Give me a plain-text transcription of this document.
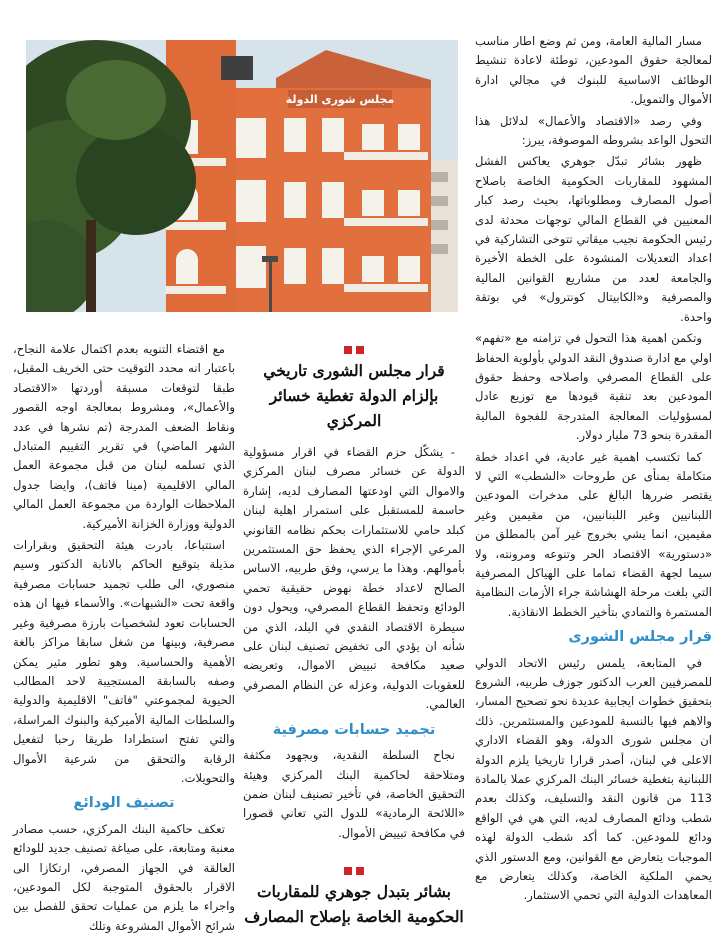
مجلس شورى الدولة

مسار المالية العامة، ومن ثم وضع اطار مناسب لمعالجة حقوق المودعين، توطئة لاعادة تنشيط الوظائف الاساسية للبنوك في مجالي ادارة الأموال والتمويل.

وفي رصد «الاقتصاد والأعمال» لدلائل هذا التحول الواعد بشروطه الموصوفة، يبرز:

ظهور بشائر تبدّل جوهري يعاكس الفشل المشهود للمقاربات الحكومية الخاصة باصلاح أصول المصارف ومطلوباتها، بحيث رصد كبار المعنيين في القطاع المالي توجهات محدثة لدى رئيس الحكومة نجيب ميقاتي تتوخى التشاركية في اعداد التعديلات المنشودة على الخطة الأخيرة والجامعة لعدد من مشاريع القوانين المالية والمصرفية و«الكابيتال كونترول» في بوتقة واحدة.

وتكمن اهمية هذا التحول في تزامنه مع «تفهم» اولي مع ادارة صندوق النقد الدولي بأولوية الحفاظ على القطاع المصرفي واصلاحه وحفظ حقوق المودعين بعد تنقية قيودها مع توزيع عادل لمسؤوليات المعالجة المتدرجة للفجوة المالية المقدرة بنحو 73 مليار دولار.

كما تكتسب اهمية غير عادية، في اعداد خطة متكاملة بمنأى عن طروحات «الشطب» التي لا يقتصر ضررها البالغ على مدخرات المودعين اللبنانيين وغير اللبنانيين، من مقيمين وغير مقيمين، انما يشي بخروج غير آمن بالمطلق من «دستورية» الاقتصاد الحر وتنوعه ومرونته، ولا سيما لجهة القضاء تماما على الهياكل المصرفية التي بلغت مرحلة الهشاشة جراء الأزمات النظامية المستمرة والتمادي بتأخير الخطط الانقاذية.

قرار مجلس الشورى

في المتابعة، يلمس رئيس الاتحاد الدولي للمصرفيين العرب الدكتور جوزف طربيه، الشروع بتحقيق خطوات ايجابية عديدة نحو تصحيح المسار، والاهم فيها بالنسبة للمودعين والمستثمرين. ذلك ان مجلس شورى الدولة، وهو القضاء الاداري الاعلى في لبنان، أصدر قرارا تاريخيا يلزم الدولة اللبنانية بتغطية خسائر البنك المركزي عملا بالمادة 113 من قانون النقد والتسليف، وكذلك بعدم شطب ودائع المصارف لديه، التي هي في الواقع ودائع للمودعين. كما أكد شطب الدولة لهذه الموجبات يتعارض مع القوانين، ومع الدستور الذي يحمي الملكية الخاصة، وكذلك يتعارض مع المعاهدات الدولية التي تحمي الاستثمار.

قرار مجلس الشورى تاريخي بإلزام الدولة تغطية خسائر المركزي

- يشكّل حزم القضاء في اقرار مسؤولية الدولة عن خسائر مصرف لبنان المركزي والاموال التي اودعتها المصارف لديه، إشارة حاسمة للمستقبل على استمرار اهلية لبنان كبلد حامي للاستثمارات بحكم نظامه القانوني المرعي الإجراء الذي يحفظ حق المستثمرين بأموالهم. وهذا ما يرسي، وفق طربيه، الاساس الصالح لاعداد خطة نهوض حقيقية تحمي الودائع وتحفظ القطاع المصرفي، ويحول دون سيطرة الاقتصاد النقدي في البلد، الذي من شأنه ان يؤدي الى تخفيض تصنيف لبنان على صعيد مكافحة تبييض الاموال، وتعريضه للعقوبات الدولية، وعزله عن النظام المصرفي العالمي.

تجميد حسابات مصرفية

نجاح السلطة النقدية، وبجهود مكثفة ومتلاحقة لحاكمية البنك المركزي وهيئة التحقيق الخاصة، في تأخير تصنيف لبنان ضمن «اللائحة الرمادية» للدول التي تعاني قصورا في مكافحة تبييض الأموال.

بشائر بتبدل جوهري للمقاربات الحكومية الخاصة بإصلاح المصارف

مع اقتضاء التنويه بعدم اكتمال علامة النجاح، باعتبار انه محدد التوقيت حتى الخريف المقبل، طبقا لتوقعات مسبقة أوردتها «الاقتصاد والأعمال»، ومشروط بمعالجة اوجه القصور ونقاط الضعف المدرجة (تم نشرها في عدد الشهر الماضي) في تقرير التقييم المتبادل الذي تسلمه لبنان من قبل مجموعة العمل المالي الاقليمية (مينا فاتف)، وايضا جدول الملاحظات الواردة من مجموعة العمل المالي الدولية ووزارة الخزانة الأميركية.

استتباعا، بادرت هيئة التحقيق وبقرارات مذيلة بتوقيع الحاكم بالانابة الدكتور وسيم منصوري، الى طلب تجميد حسابات مصرفية واقعة تحت «الشبهات». والأسماء فيها ان هذه الحسابات تعود لشخصيات بارزة مصرفية وغير مصرفية، وبينها من شغل سابقا مراكز بالغة الأهمية والحساسية. وهو تطور مثير يمكن وصفه بالسابقة المستجيبة لاحد المطالب الحيوية لمجموعتي "فاتف" الاقليمية والدولية والسلطات المالية الأميركية والبنوك المراسلة، والتي تفتح استطرادا طريقا رحبا لتفعيل الرقابة والتحقق من شرعية الأموال والتحويلات.

تصنيف الودائع

تعكف حاكمية البنك المركزي، حسب مصادر معنية ومتابعة، على صياغة تصنيف جديد للودائع العالقة في الجهاز المصرفي، ارتكازا الى الاقرار بالحقوق المتوجبة لكل المودعين، واجراء ما يلزم من عمليات تحقق للفصل بين شرائح الأموال المشروعة وتلك
